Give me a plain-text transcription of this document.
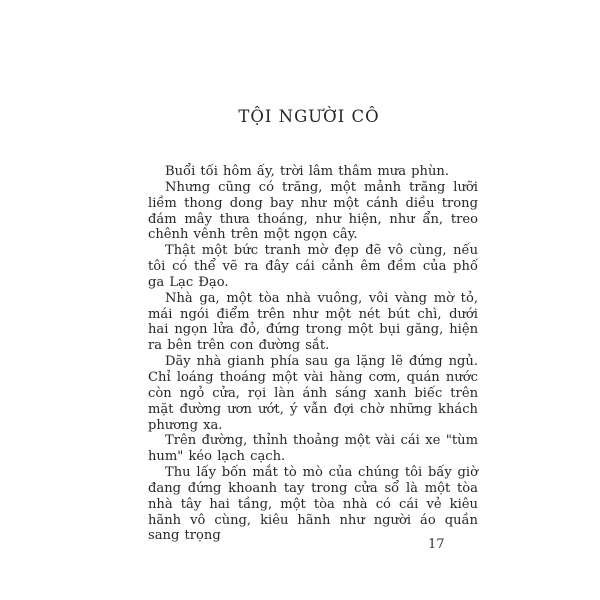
TỘI NGƯỜI CÔ

Buổi tối hôm ấy, trời lâm thâm mưa phùn.

Nhưng cũng có trăng, một mảnh trăng lưỡi liềm thong dong bay như một cánh diều trong đám mây thưa thoáng, như hiện, như ẩn, treo chênh vênh trên một ngọn cây.

Thật một bức tranh mờ đẹp đẽ vô cùng, nếu tôi có thể vẽ ra đây cái cảnh êm đềm của phố ga Lạc Đạo.

Nhà ga, một tòa nhà vuông, vôi vàng mờ tỏ, mái ngói điểm trên như một nét bút chì, dưới hai ngọn lửa đỏ, đứng trong một bụi găng, hiện ra bên trên con đường sắt.

Dãy nhà gianh phía sau ga lặng lẽ đứng ngủ. Chỉ loáng thoáng một vài hàng cơm, quán nước còn ngỏ cửa, rọi làn ánh sáng xanh biếc trên mặt đường ươn ướt, ý vẫn đợi chờ những khách phương xa.

Trên đường, thỉnh thoảng một vài cái xe "tùm hum" kéo lạch cạch.

Thu lấy bốn mắt tò mò của chúng tôi bấy giờ đang đứng khoanh tay trong cửa sổ là một tòa nhà tây hai tầng, một tòa nhà có cái vẻ kiêu hãnh vô cùng, kiêu hãnh như người áo quần sang trọng

17
